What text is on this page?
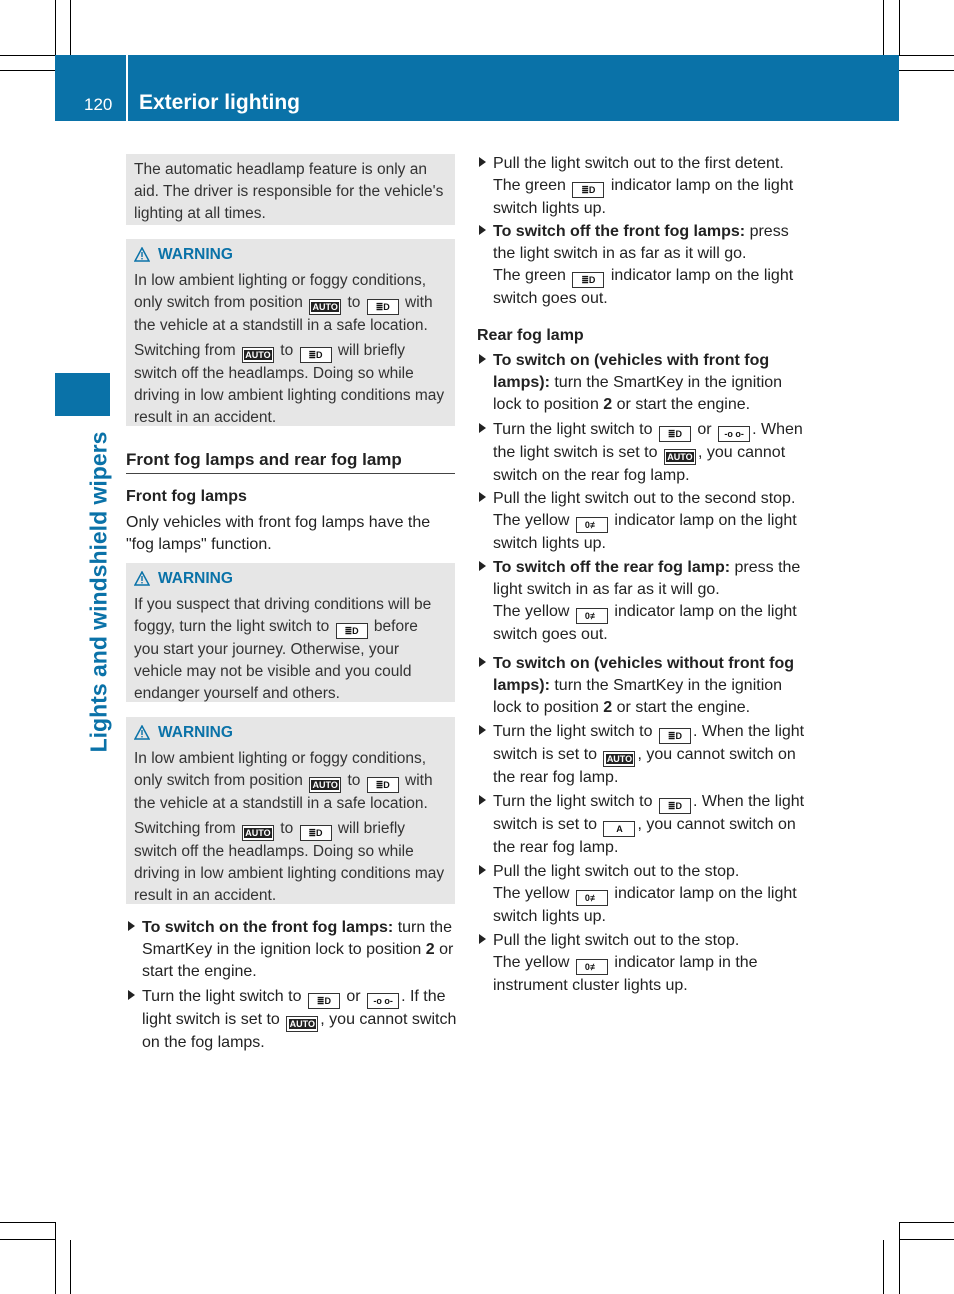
120 Exterior lighting
Lights and windshield wipers

The automatic headlamp feature is only an aid. The driver is responsible for the vehicle's lighting at all times.

WARNING

In low ambient lighting or foggy conditions, only switch from position AUTO to ≣D with the vehicle at a standstill in a safe location.

Switching from AUTO to ≣D will briefly switch off the headlamps. Doing so while driving in low ambient lighting conditions may result in an accident.

Front fog lamps and rear fog lamp
Front fog lamps
Only vehicles with front fog lamps have the "fog lamps" function.
WARNING

If you suspect that driving conditions will be foggy, turn the light switch to ≣D before you start your journey. Otherwise, your vehicle may not be visible and you could endanger yourself and others.

WARNING

In low ambient lighting or foggy conditions, only switch from position AUTO to ≣D with the vehicle at a standstill in a safe location.

Switching from AUTO to ≣D will briefly switch off the headlamps. Doing so while driving in low ambient lighting conditions may result in an accident.

To switch on the front fog lamps: turn the SmartKey in the ignition lock to position 2 or start the engine.

Turn the light switch to ≣D or -o o- . If the light switch is set to AUTO , you cannot switch on the fog lamps.

Pull the light switch out to the first detent.
The green ≣D indicator lamp on the light switch lights up.

To switch off the front fog lamps: press the light switch in as far as it will go.
The green ≣D indicator lamp on the light switch goes out.

Rear fog lamp

To switch on (vehicles with front fog lamps): turn the SmartKey in the ignition lock to position 2 or start the engine.

Turn the light switch to ≣D or -o o- . When the light switch is set to AUTO , you cannot switch on the rear fog lamp.

Pull the light switch out to the second stop.
The yellow 0≢ indicator lamp on the light switch lights up.

To switch off the rear fog lamp: press the light switch in as far as it will go.
The yellow 0≢ indicator lamp on the light switch goes out.

To switch on (vehicles without front fog lamps): turn the SmartKey in the ignition lock to position 2 or start the engine.

Turn the light switch to ≣D . When the light switch is set to AUTO , you cannot switch on the rear fog lamp.

Turn the light switch to ≣D . When the light switch is set to A , you cannot switch on the rear fog lamp.

Pull the light switch out to the stop.
The yellow 0≢ indicator lamp on the light switch lights up.

Pull the light switch out to the stop.
The yellow 0≢ indicator lamp in the instrument cluster lights up.
